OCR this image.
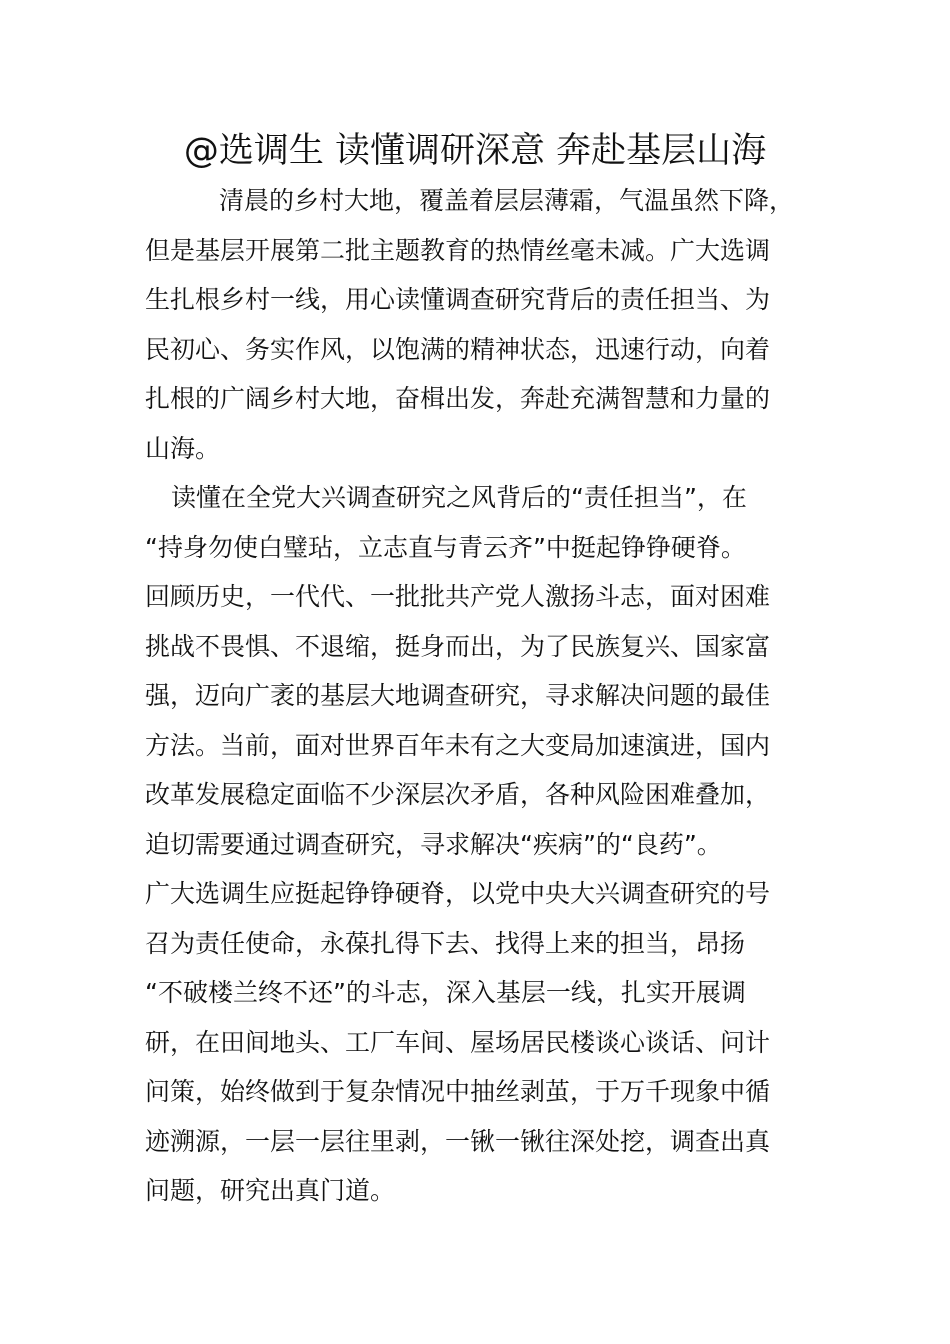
@选调生 读懂调研深意 奔赴基层山海
清晨的乡村大地，覆盖着层层薄霜，气温虽然下降，
但是基层开展第二批主题教育的热情丝毫未减。广大选调
生扎根乡村一线，用心读懂调查研究背后的责任担当、为
民初心、务实作风，以饱满的精神状态，迅速行动，向着
扎根的广阔乡村大地，奋楫出发，奔赴充满智慧和力量的
山海。
读懂在全党大兴调查研究之风背后的“责任担当”，在
“持身勿使白璧玷，立志直与青云齐”中挺起铮铮硬脊。
回顾历史，一代代、一批批共产党人激扬斗志，面对困难
挑战不畏惧、不退缩，挺身而出，为了民族复兴、国家富
强，迈向广袤的基层大地调查研究，寻求解决问题的最佳
方法。当前，面对世界百年未有之大变局加速演进，国内
改革发展稳定面临不少深层次矛盾，各种风险困难叠加，
迫切需要通过调查研究，寻求解决“疾病”的“良药”。
广大选调生应挺起铮铮硬脊，以党中央大兴调查研究的号
召为责任使命，永葆扎得下去、找得上来的担当，昂扬
“不破楼兰终不还”的斗志，深入基层一线，扎实开展调
研，在田间地头、工厂车间、屋场居民楼谈心谈话、问计
问策，始终做到于复杂情况中抽丝剥茧，于万千现象中循
迹溯源，一层一层往里剥，一锹一锹往深处挖，调查出真
问题，研究出真门道。
